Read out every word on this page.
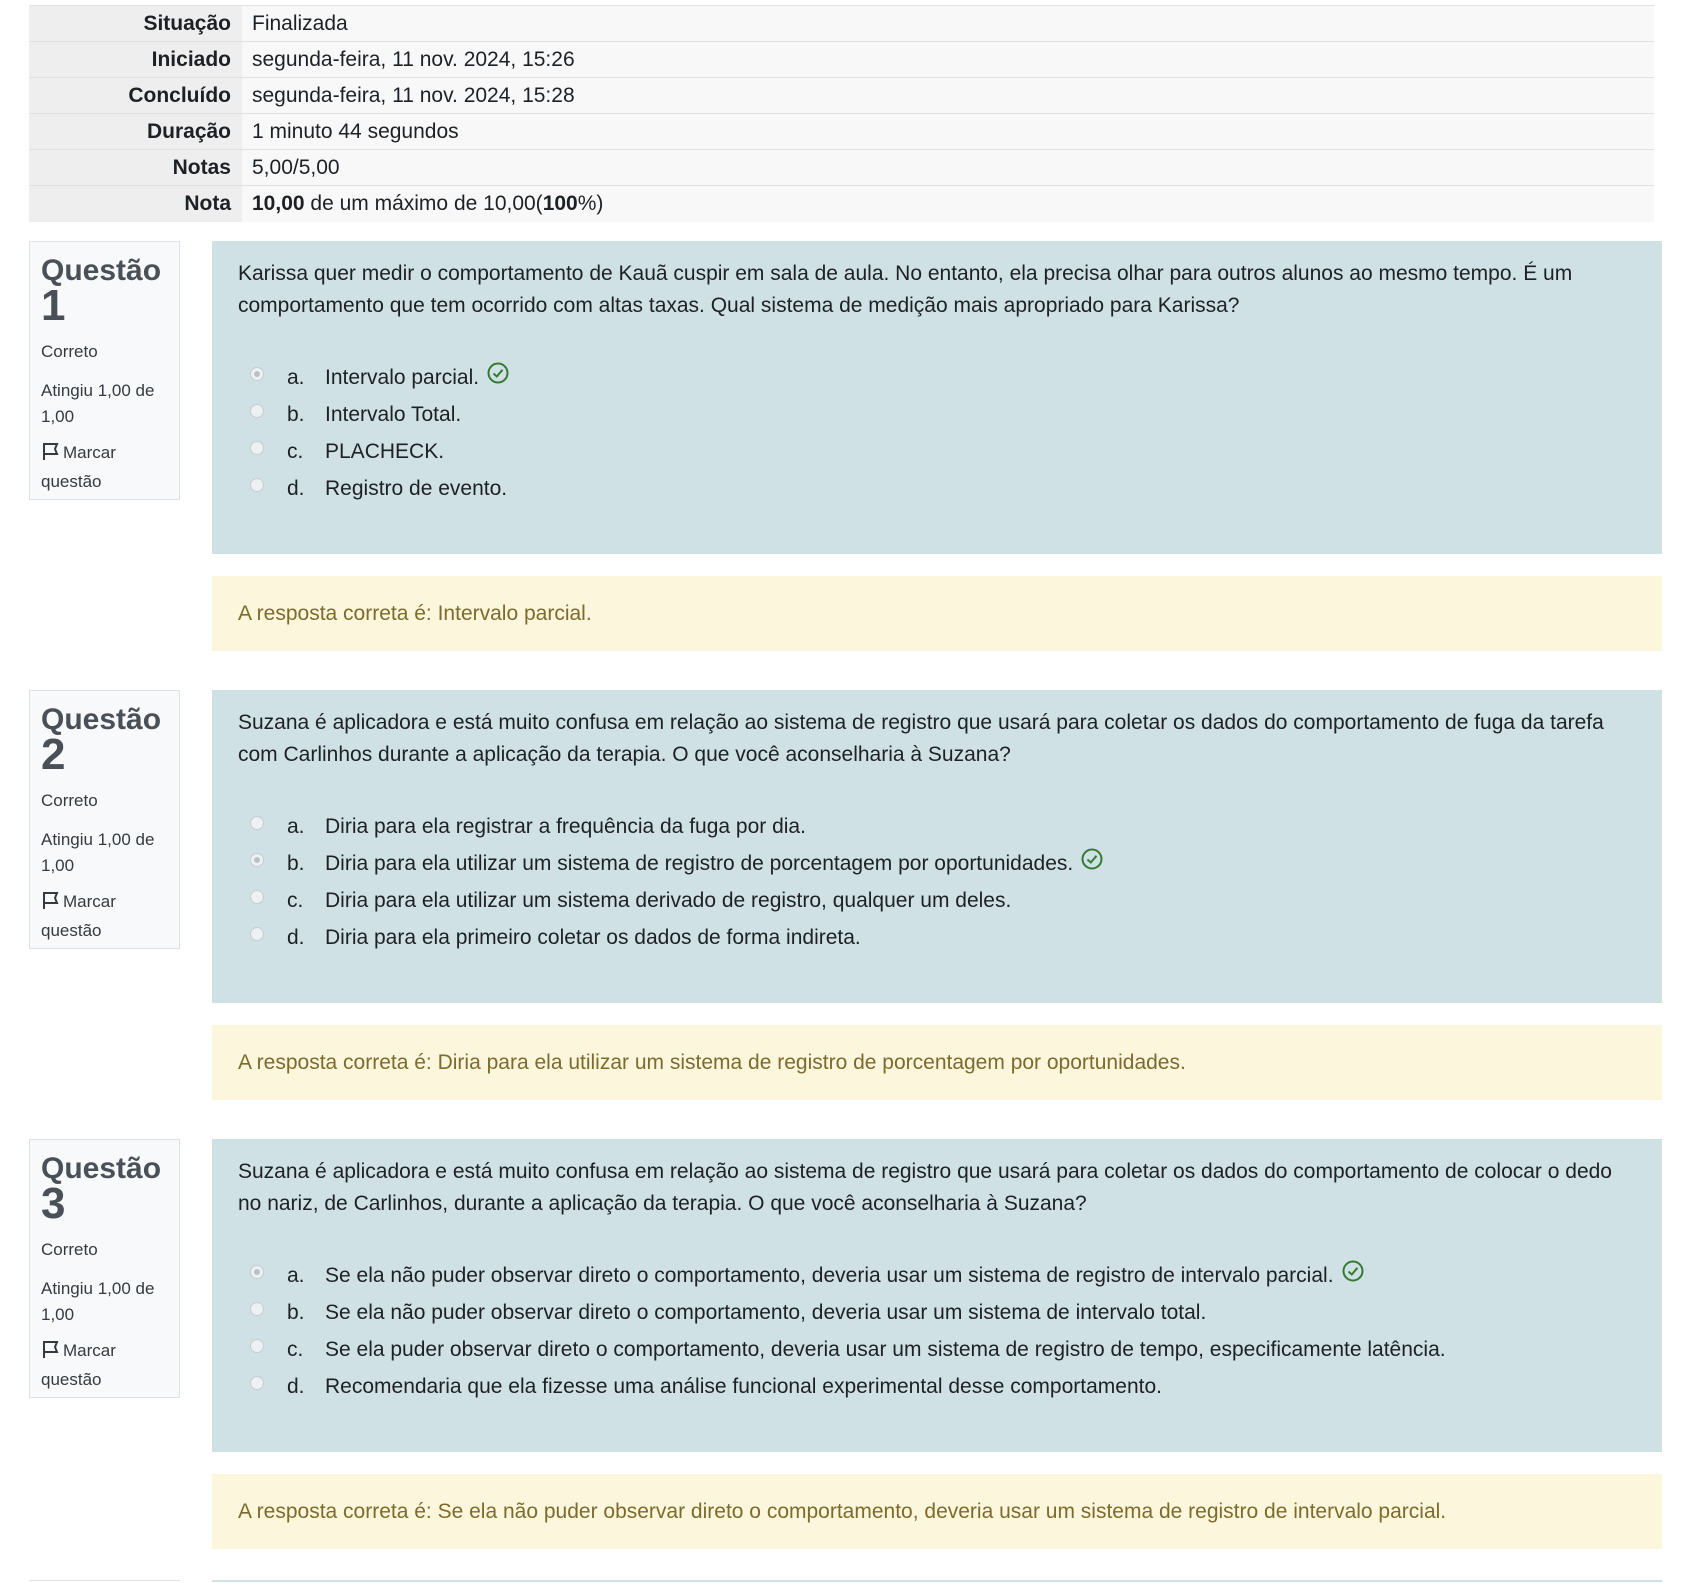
Situação	Finalizada
Iniciado	segunda-feira, 11 nov. 2024, 15:26
Concluído	segunda-feira, 11 nov. 2024, 15:28
Duração	1 minuto 44 segundos
Notas	5,00/5,00
Nota	10,00 de um máximo de 10,00(100%)
Questão
1
Correto
Atingiu 1,00 de 1,00
Marcar questão

Karissa quer medir o comportamento de Kauã cuspir em sala de aula. No entanto, ela precisa olhar para outros alunos ao mesmo tempo. É um comportamento que tem ocorrido com altas taxas. Qual sistema de medição mais apropriado para Karissa?

a. Intervalo parcial.
b. Intervalo Total.
c.	PLACHECK.
d. Registro de evento.
A resposta correta é: Intervalo parcial.
Questão
2
Correto
Atingiu 1,00 de 1,00
Marcar questão

Suzana é aplicadora e está muito confusa em relação ao sistema de registro que usará para coletar os dados do comportamento de fuga da tarefa com Carlinhos durante a aplicação da terapia. O que você aconselharia à Suzana?

a. Diria para ela registrar a frequência da fuga por dia.
b. Diria para ela utilizar um sistema de registro de porcentagem por oportunidades.
c.	Diria para ela utilizar um sistema derivado de registro, qualquer um deles.
d. Diria para ela primeiro coletar os dados de forma indireta.
A resposta correta é: Diria para ela utilizar um sistema de registro de porcentagem por oportunidades.
Questão
3
Correto
Atingiu 1,00 de 1,00
Marcar questão

Suzana é aplicadora e está muito confusa em relação ao sistema de registro que usará para coletar os dados do comportamento de colocar o dedo no nariz, de Carlinhos, durante a aplicação da terapia. O que você aconselharia à Suzana?

a. Se ela não puder observar direto o comportamento, deveria usar um sistema de registro de intervalo parcial.
b. Se ela não puder observar direto o comportamento, deveria usar um sistema de intervalo total.
c.	Se ela puder observar direto o comportamento, deveria usar um sistema de registro de tempo, especificamente latência.
d. Recomendaria que ela fizesse uma análise funcional experimental desse comportamento.
A resposta correta é: Se ela não puder observar direto o comportamento, deveria usar um sistema de registro de intervalo parcial.
